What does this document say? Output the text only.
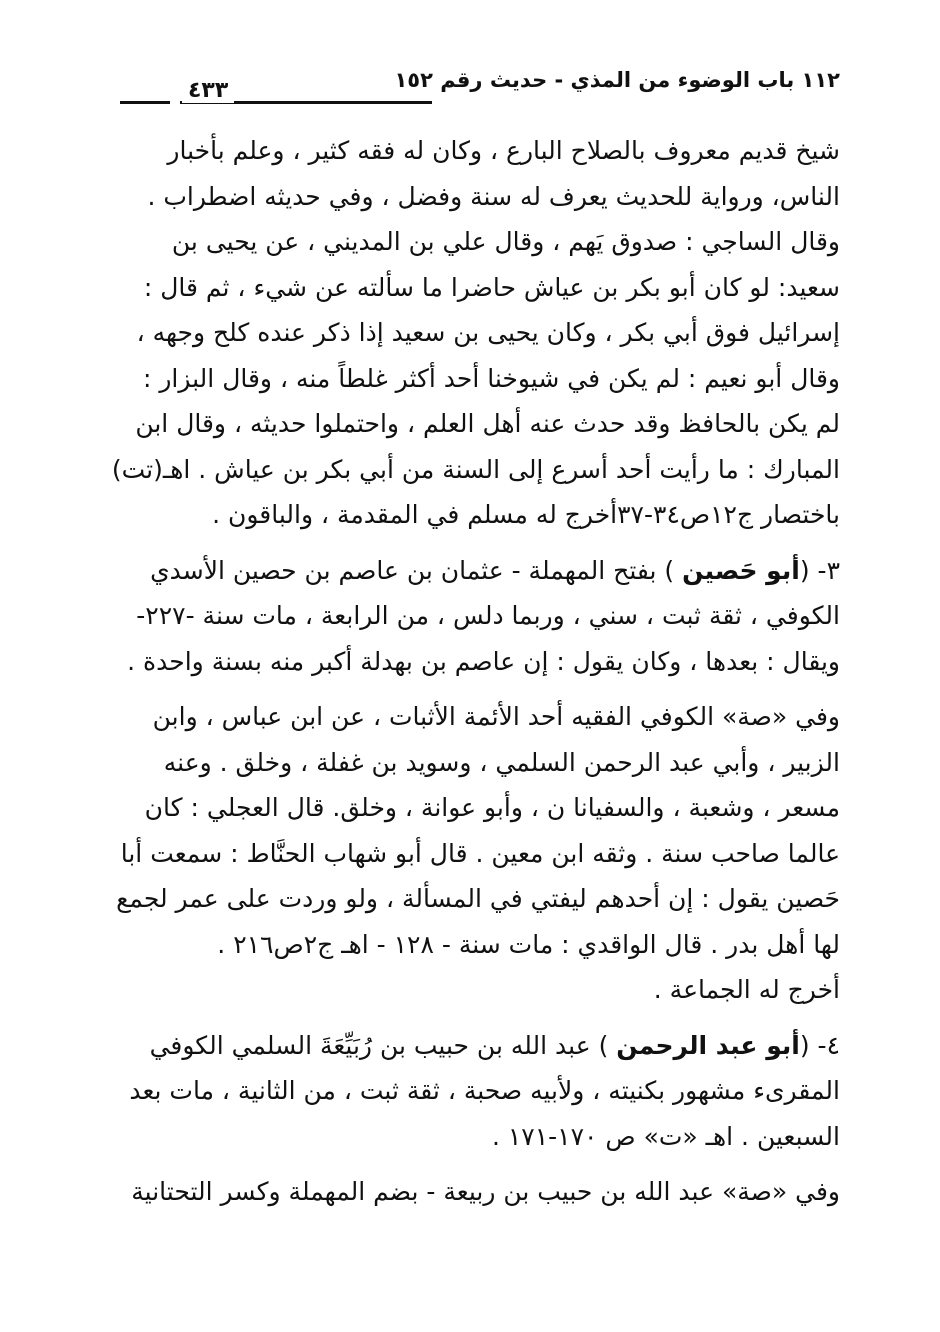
١١٢ باب الوضوء من المذي - حديث رقم ١٥٢
٤٣٣

شيخ قديم معروف بالصلاح البارع ، وكان له فقه كثير ، وعلم بأخبار

الناس، ورواية للحديث يعرف له سنة وفضل ، وفي حديثه اضطراب .

وقال الساجي : صدوق يَهم ، وقال علي بن المديني ، عن يحيى بن

سعيد: لو كان أبو بكر بن عياش حاضرا ما سألته عن شيء ، ثم قال :

إسرائيل فوق أبي بكر ، وكان يحيى بن سعيد إذا ذكر عنده كلح وجهه ،

وقال أبو نعيم : لم يكن في شيوخنا أحد أكثر غلطاً منه ، وقال البزار :

لم يكن بالحافظ وقد حدث عنه أهل العلم ، واحتملوا حديثه ، وقال ابن

المبارك : ما رأيت أحد أسرع إلى السنة من أبي بكر بن عياش . اهـ(تت)

باختصار ج١٢ص٣٤-٣٧أخرج له مسلم في المقدمة ، والباقون .

٣- (أبو حَصين ) بفتح المهملة - عثمان بن عاصم بن حصين الأسدي

الكوفي ، ثقة ثبت ، سني ، وربما دلس ، من الرابعة ، مات سنة -٢٢٧-

ويقال : بعدها ، وكان يقول : إن عاصم بن بهدلة أكبر منه بسنة واحدة .

وفي «صة» الكوفي الفقيه أحد الأئمة الأثبات ، عن ابن عباس ، وابن

الزبير ، وأبي عبد الرحمن السلمي ، وسويد بن غفلة ، وخلق . وعنه

مسعر ، وشعبة ، والسفيانا ن ، وأبو عوانة ، وخلق. قال العجلي : كان

عالما صاحب سنة . وثقه ابن معين . قال أبو شهاب الحنَّاط : سمعت أبا

حَصين يقول : إن أحدهم ليفتي في المسألة ، ولو وردت على عمر لجمع

لها أهل بدر . قال الواقدي : مات سنة - ١٢٨ - اهـ ج٢ص٢١٦ .

أخرج له الجماعة .

٤- (أبو عبد الرحمن ) عبد الله بن حبيب بن رُبَيِّعَةَ السلمي الكوفي

المقرىء مشهور بكنيته ، ولأبيه صحبة ، ثقة ثبت ، من الثانية ، مات بعد

السبعين . اهـ «ت» ص ١٧٠-١٧١ .

وفي «صة» عبد الله بن حبيب بن ربيعة - بضم المهملة وكسر التحتانية
